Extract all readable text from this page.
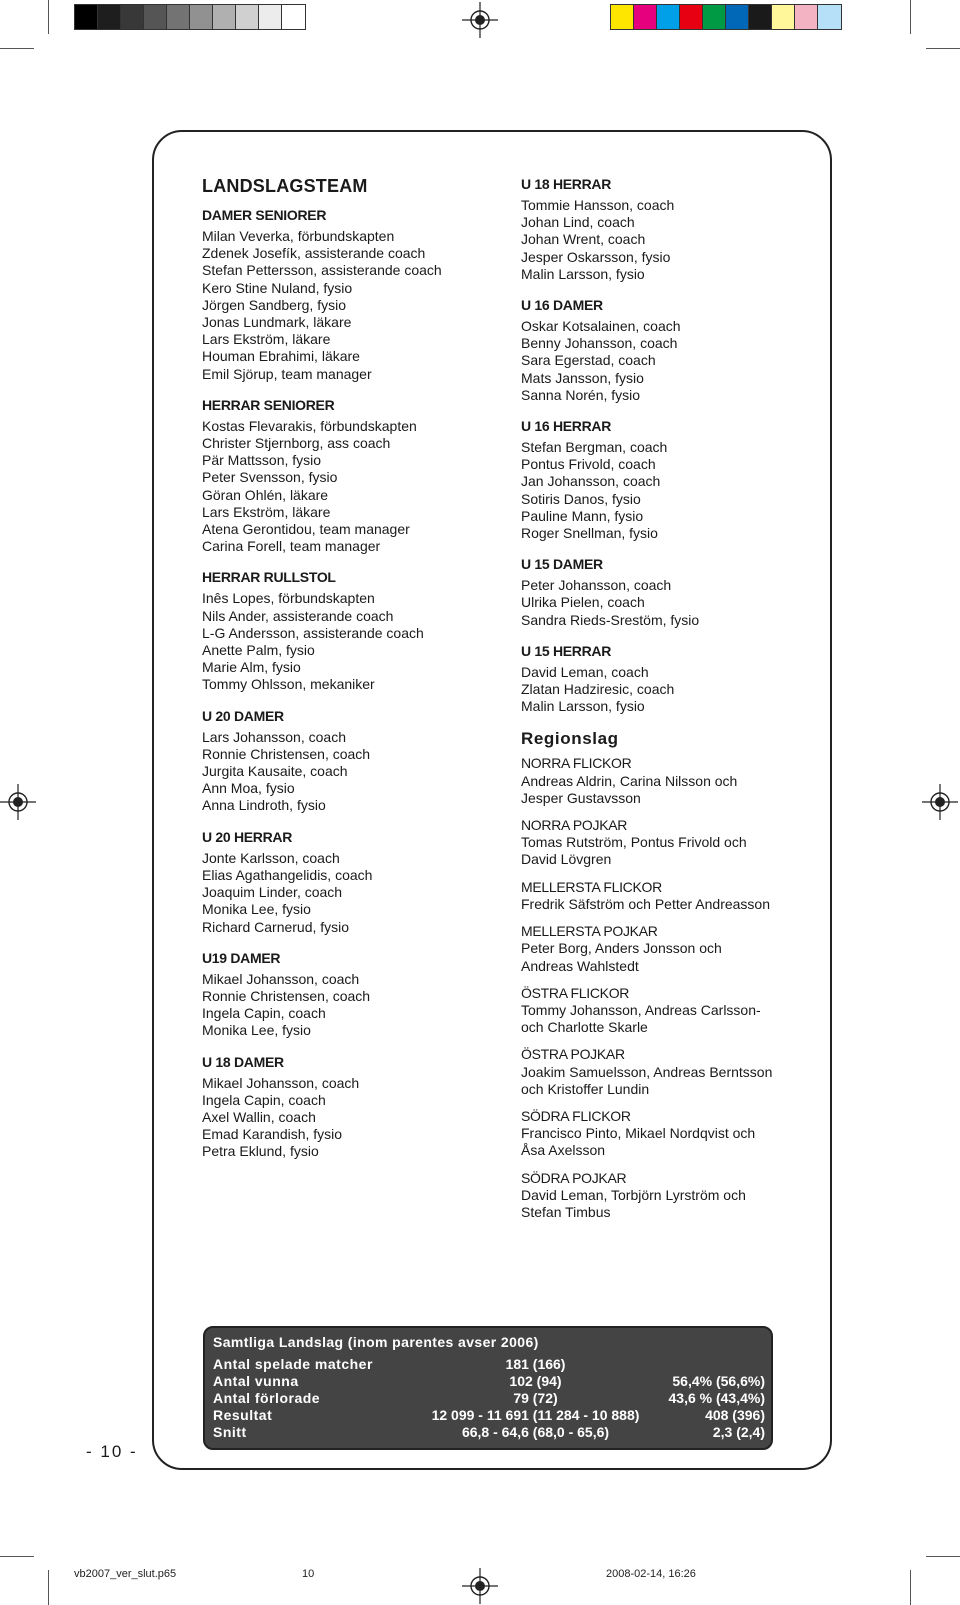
LANDSLAGSTEAM
DAMER SENIORER
Milan Veverka, förbundskapten
Zdenek Josefík, assisterande coach
Stefan Pettersson, assisterande coach
Kero Stine Nuland, fysio
Jörgen Sandberg, fysio
Jonas Lundmark, läkare
Lars Ekström, läkare
Houman Ebrahimi, läkare
Emil Sjörup, team manager
HERRAR SENIORER
Kostas Flevarakis, förbundskapten
Christer Stjernborg, ass coach
Pär Mattsson, fysio
Peter Svensson, fysio
Göran Ohlén, läkare
Lars Ekström, läkare
Atena Gerontidou, team manager
Carina Forell, team manager
HERRAR RULLSTOL
Inês Lopes, förbundskapten
Nils Ander, assisterande coach
L-G Andersson, assisterande coach
Anette Palm, fysio
Marie Alm, fysio
Tommy Ohlsson, mekaniker
U 20 DAMER
Lars Johansson, coach
Ronnie Christensen, coach
Jurgita Kausaite, coach
Ann Moa, fysio
Anna Lindroth, fysio
U 20 HERRAR
Jonte Karlsson, coach
Elias Agathangelidis, coach
Joaquim Linder, coach
Monika Lee, fysio
Richard Carnerud, fysio
U19 DAMER
Mikael Johansson, coach
Ronnie Christensen, coach
Ingela Capin, coach
Monika Lee, fysio
U 18 DAMER
Mikael Johansson, coach
Ingela Capin, coach
Axel Wallin, coach
Emad Karandish, fysio
Petra Eklund, fysio
U 18 HERRAR
Tommie Hansson, coach
Johan Lind, coach
Johan Wrent, coach
Jesper Oskarsson, fysio
Malin Larsson, fysio
U 16 DAMER
Oskar Kotsalainen, coach
Benny Johansson, coach
Sara Egerstad, coach
Mats Jansson, fysio
Sanna Norén, fysio
U 16 HERRAR
Stefan Bergman, coach
Pontus Frivold, coach
Jan Johansson, coach
Sotiris Danos, fysio
Pauline Mann, fysio
Roger Snellman, fysio
U 15 DAMER
Peter Johansson, coach
Ulrika Pielen, coach
Sandra Rieds-Srestöm, fysio
U 15 HERRAR
David Leman, coach
Zlatan Hadziresic, coach
Malin Larsson, fysio
Regionslag
NORRA FLICKOR
Andreas Aldrin, Carina Nilsson och
Jesper Gustavsson
NORRA POJKAR
Tomas Rutström, Pontus Frivold och
David Lövgren
MELLERSTA FLICKOR
Fredrik Säfström och Petter Andreasson
MELLERSTA POJKAR
Peter Borg, Anders Jonsson och
Andreas Wahlstedt
ÖSTRA FLICKOR
Tommy Johansson, Andreas Carlsson-
och Charlotte Skarle
ÖSTRA POJKAR
Joakim Samuelsson, Andreas Berntsson
och Kristoffer Lundin
SÖDRA FLICKOR
Francisco Pinto, Mikael Nordqvist och
Åsa Axelsson
SÖDRA POJKAR
David Leman, Torbjörn Lyrström och
Stefan Timbus
Samtliga Landslag (inom parentes avser 2006)
Antal spelade matcher	181 (166)
Antal vunna	102 (94)	56,4% (56,6%)
Antal förlorade	79 (72)	43,6 % (43,4%)
Resultat	12 099 - 11 691 (11 284 - 10 888)	408 (396)
Snitt	66,8 - 64,6 (68,0 - 65,6)	2,3 (2,4)
- 10 -
vb2007_ver_slut.p65	10	2008-02-14, 16:26
